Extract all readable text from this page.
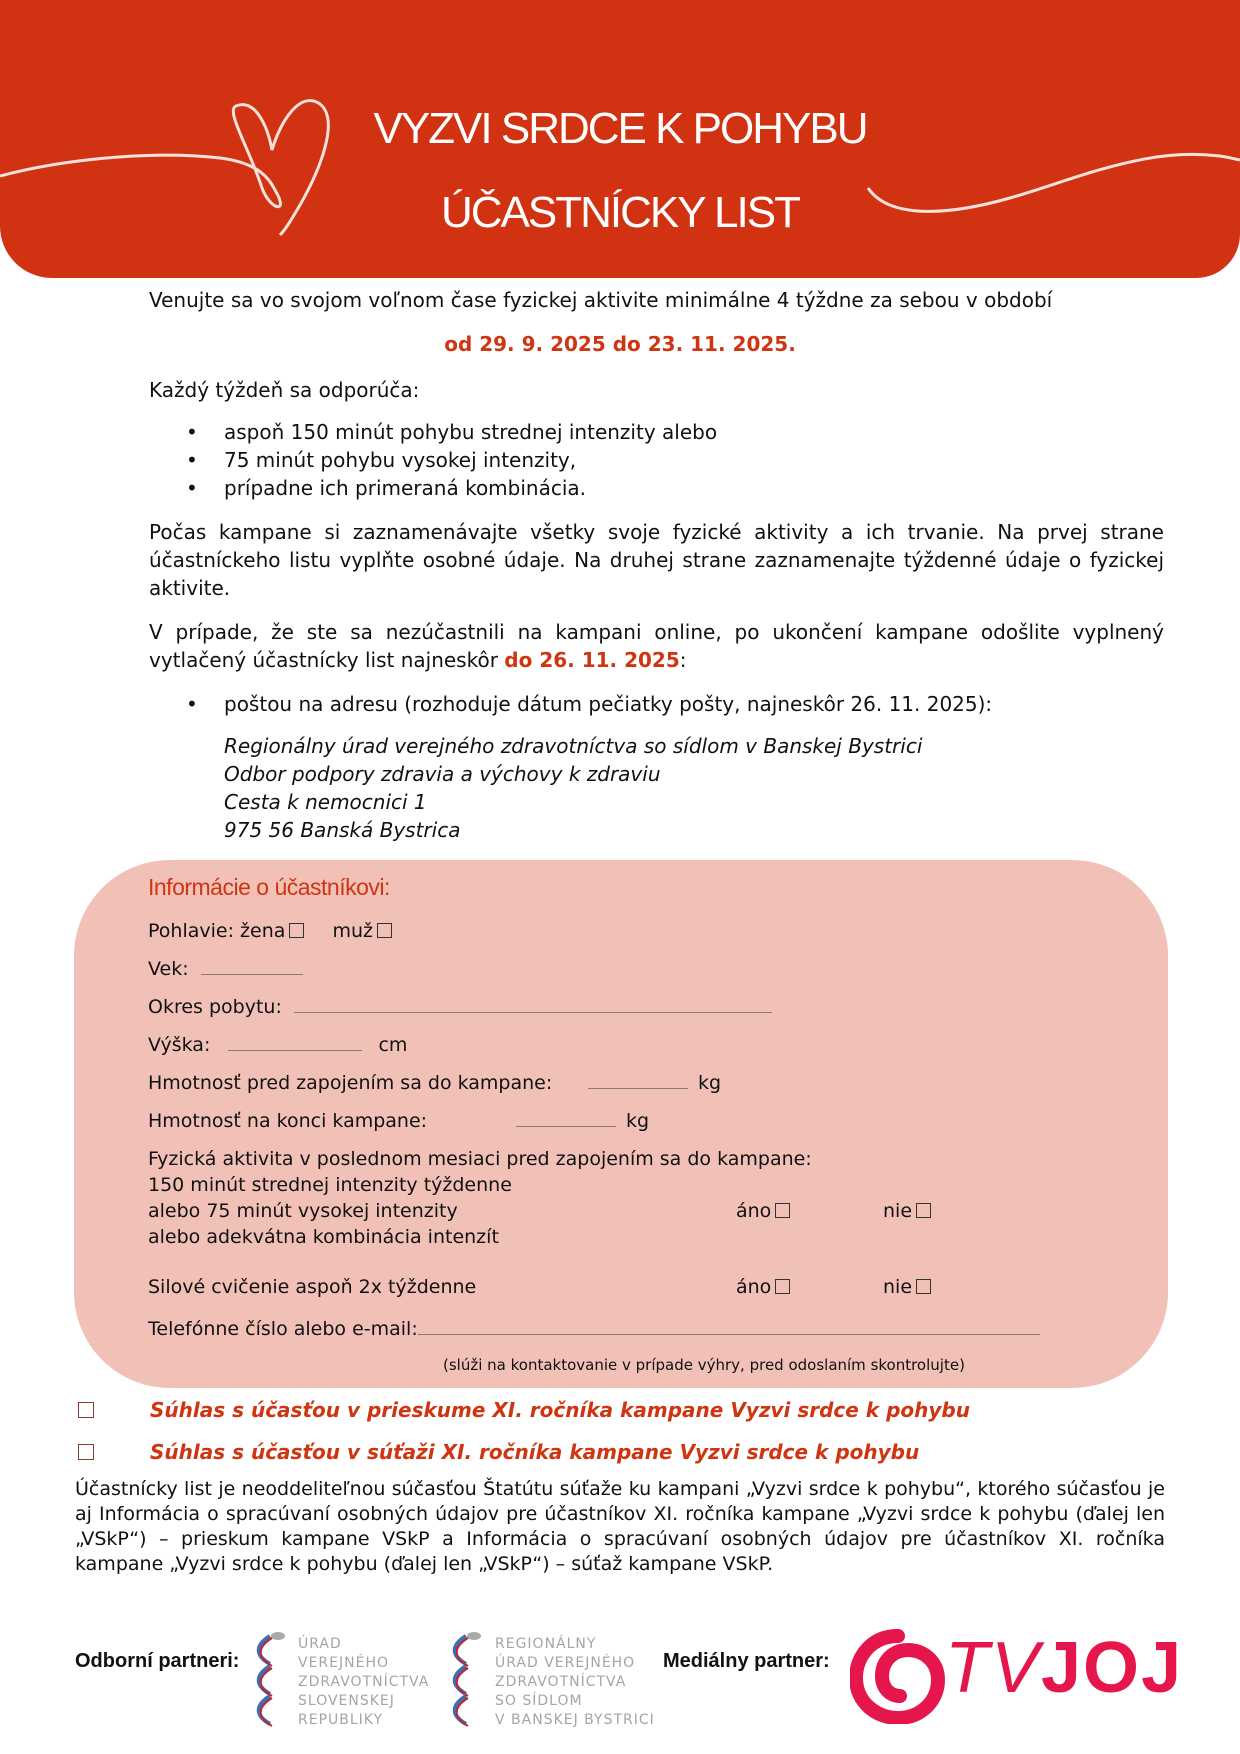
VYZVI SRDCE K POHYBU
ÚČASTNÍCKY LIST
Venujte sa vo svojom voľnom čase fyzickej aktivite minimálne 4 týždne za sebou v období
od 29. 9. 2025 do 23. 11. 2025.
Každý týždeň sa odporúča:
• aspoň 150 minút pohybu strednej intenzity alebo
• 75 minút pohybu vysokej intenzity,
• prípadne ich primeraná kombinácia.
Počas kampane si zaznamenávajte všetky svoje fyzické aktivity a ich trvanie. Na prvej strane účastníckeho listu vyplňte osobné údaje. Na druhej strane zaznamenajte týždenné údaje o fyzickej aktivite.
V prípade, že ste sa nezúčastnili na kampani online, po ukončení kampane odošlite vyplnený vytlačený účastnícky list najneskôr do 26. 11. 2025:
• poštou na adresu (rozhoduje dátum pečiatky pošty, najneskôr 26. 11. 2025):
Regionálny úrad verejného zdravotníctva so sídlom v Banskej Bystrici
Odbor podpory zdravia a výchovy k zdraviu
Cesta k nemocnici 1
975 56 Banská Bystrica
Informácie o účastníkovi:
Pohlavie: žena muž
Vek:
Okres pobytu:
Výška:	cm
Hmotnosť pred zapojením sa do kampane:	kg
Hmotnosť na konci kampane:	kg
Fyzická aktivita v poslednom mesiaci pred zapojením sa do kampane:
150 minút strednej intenzity týždenne
alebo 75 minút vysokej intenzity
alebo adekvátna kombinácia intenzít
áno	nie
Silové cvičenie aspoň 2x týždenne	áno	nie
Telefónne číslo alebo e-mail:
(slúži na kontaktovanie v prípade výhry, pred odoslaním skontrolujte)
Súhlas s účasťou v prieskume XI. ročníka kampane Vyzvi srdce k pohybu
Súhlas s účasťou v súťaži XI. ročníka kampane Vyzvi srdce k pohybu
Účastnícky list je neoddeliteľnou súčasťou Štatútu súťaže ku kampani „Vyzvi srdce k pohybu“, ktorého súčasťou je aj Informácia o spracúvaní osobných údajov pre účastníkov XI. ročníka kampane „Vyzvi srdce k pohybu (ďalej len „VSkP“) – prieskum kampane VSkP a Informácia o spracúvaní osobných údajov pre účastníkov XI. ročníka kampane „Vyzvi srdce k pohybu (ďalej len „VSkP“) – súťaž kampane VSkP.
Odborní partneri:
ÚRAD
VEREJNÉHO
ZDRAVOTNÍCTVA
SLOVENSKEJ
REPUBLIKY
REGIONÁLNY
ÚRAD VEREJNÉHO
ZDRAVOTNÍCTVA
SO SÍDLOM
V BANSKEJ BYSTRICI
Mediálny partner: TVJOJ
